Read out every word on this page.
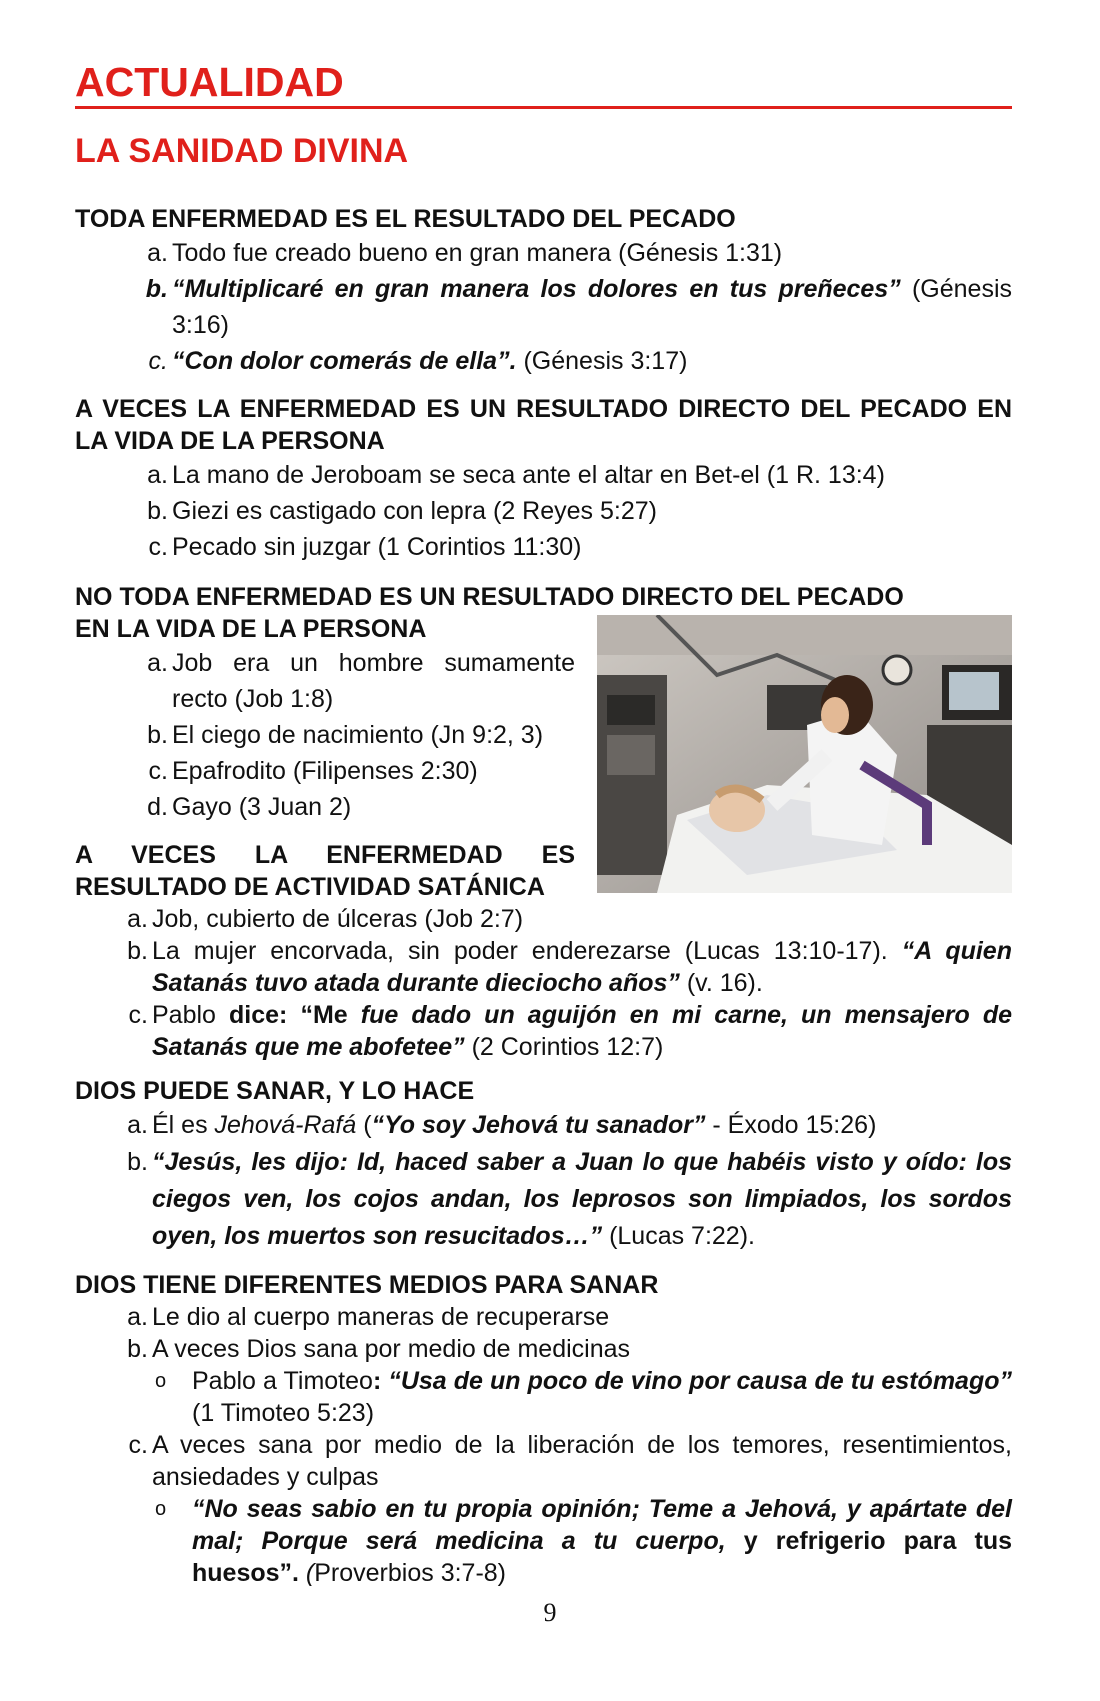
ACTUALIDAD
LA SANIDAD DIVINA
TODA ENFERMEDAD ES EL RESULTADO DEL PECADO
a. Todo fue creado bueno en gran manera (Génesis 1:31)
b. “Multiplicaré en gran manera los dolores en tus preñeces” (Génesis 3:16)
c. “Con dolor comerás de ella”. (Génesis 3:17)
A VECES LA ENFERMEDAD ES UN RESULTADO DIRECTO DEL PECADO EN LA VIDA DE LA PERSONA
a. La mano de Jeroboam se seca ante el altar en Bet-el (1 R. 13:4)
b. Giezi es castigado con lepra (2 Reyes 5:27)
c. Pecado sin juzgar (1 Corintios 11:30)
NO TODA ENFERMEDAD ES UN RESULTADO DIRECTO DEL PECADO
EN LA VIDA DE LA PERSONA
a. Job era un hombre sumamente recto (Job 1:8)
b. El ciego de nacimiento (Jn 9:2, 3)
c. Epafrodito (Filipenses 2:30)
d. Gayo (3 Juan 2)
A VECES LA ENFERMEDAD ES RESULTADO DE ACTIVIDAD SATÁNICA
a. Job, cubierto de úlceras (Job 2:7)
b. La mujer encorvada, sin poder enderezarse (Lucas 13:10-17). “A quien Satanás tuvo atada durante dieciocho años” (v. 16).
c. Pablo dice: “Me fue dado un aguijón en mi carne, un mensajero de Satanás que me abofetee” (2 Corintios 12:7)
DIOS PUEDE SANAR, Y LO HACE
a. Él es Jehová-Rafá (“Yo soy Jehová tu sanador” - Éxodo 15:26)
b. “Jesús, les dijo: Id, haced saber a Juan lo que habéis visto y oído: los ciegos ven, los cojos andan, los leprosos son limpiados, los sordos oyen, los muertos son resucitados…” (Lucas 7:22).
DIOS TIENE DIFERENTES MEDIOS PARA SANAR
a. Le dio al cuerpo maneras de recuperarse
b. A veces Dios sana por medio de medicinas
o Pablo a Timoteo: “Usa de un poco de vino por causa de tu estómago” (1 Timoteo 5:23)
c. A veces sana por medio de la liberación de los temores, resentimientos, ansiedades y culpas
o “No seas sabio en tu propia opinión; Teme a Jehová, y apártate del mal; Porque será medicina a tu cuerpo, y refrigerio para tus huesos”. (Proverbios 3:7-8)
9
